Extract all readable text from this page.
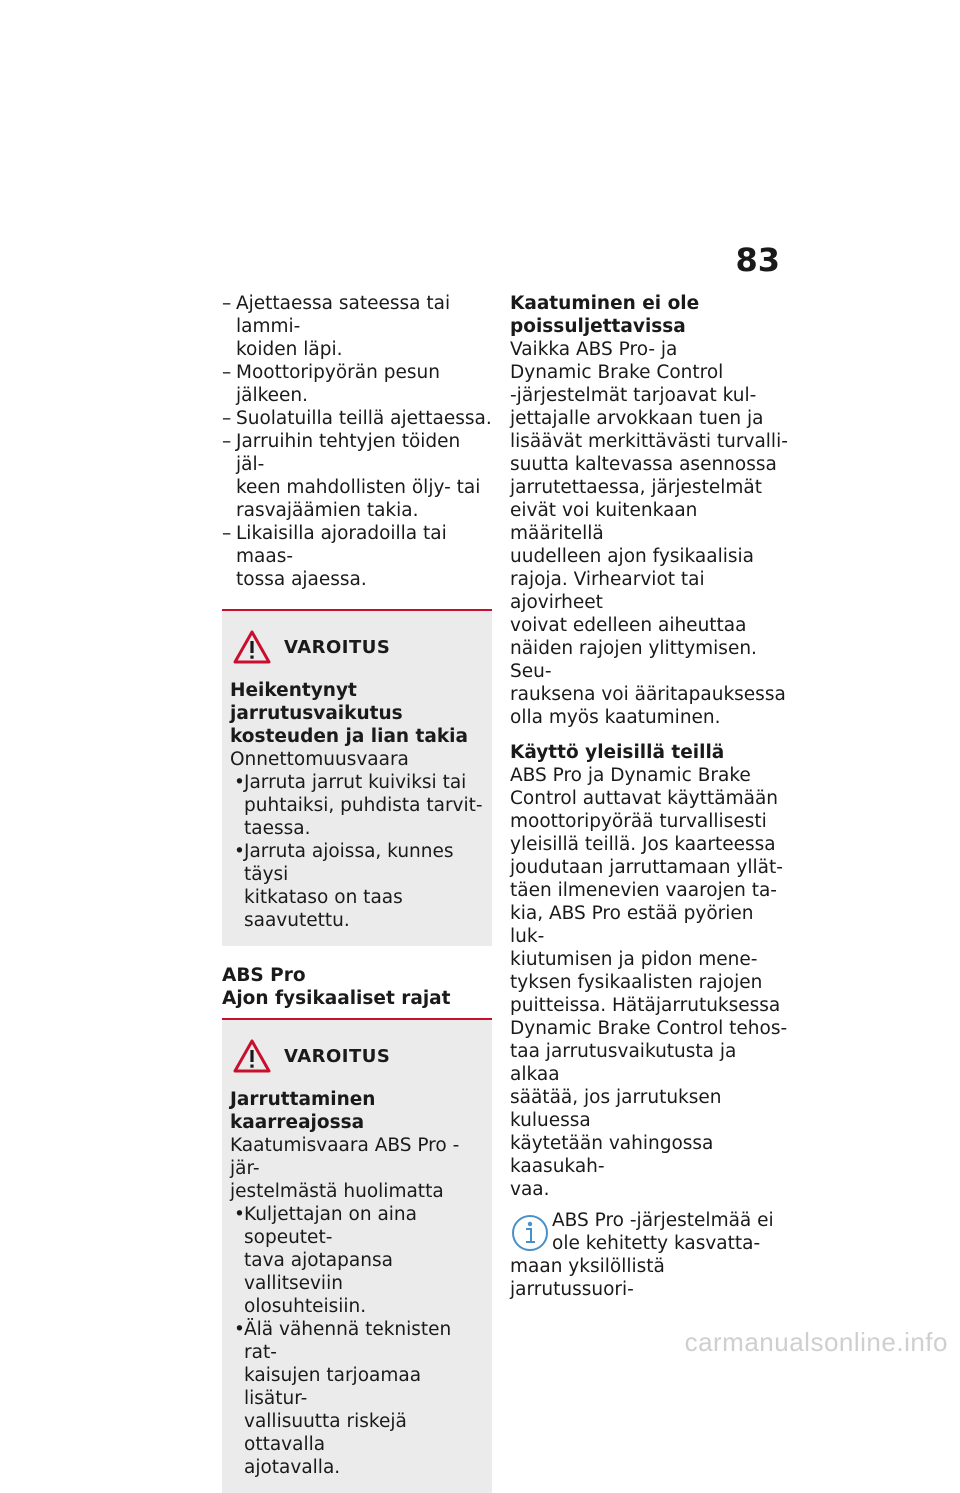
83
– Ajettaessa sateessa tai lammi-
koiden läpi.
– Moottoripyörän pesun jälkeen.
– Suolatuilla teillä ajettaessa.
– Jarruihin tehtyjen töiden jäl-
keen mahdollisten öljy- tai
rasvajäämien takia.
– Likaisilla ajoradoilla tai maas-
tossa ajaessa.
VAROITUS
Heikentynyt jarrutusvaikutus
kosteuden ja lian takia
Onnettomuusvaara
•Jarruta jarrut kuiviksi tai
puhtaiksi, puhdista tarvit-
taessa.
•Jarruta ajoissa, kunnes täysi
kitkataso on taas saavutettu.
ABS Pro
Ajon fysikaaliset rajat
VAROITUS
Jarruttaminen kaarreajossa
Kaatumisvaara ABS Pro -jär-
jestelmästä huolimatta
•Kuljettajan on aina sopeutet-
tava ajotapansa vallitseviin
olosuhteisiin.
•Älä vähennä teknisten rat-
kaisujen tarjoamaa lisätur-
vallisuutta riskejä ottavalla
ajotavalla.
Kaatuminen ei ole
poissuljettavissa
Vaikka ABS Pro- ja
Dynamic Brake Control
-järjestelmät tarjoavat kul-
jettajalle arvokkaan tuen ja
lisäävät merkittävästi turvalli-
suutta kaltevassa asennossa
jarrutettaessa, järjestelmät
eivät voi kuitenkaan määritellä
uudelleen ajon fysikaalisia
rajoja. Virhearviot tai ajovirheet
voivat edelleen aiheuttaa
näiden rajojen ylittymisen. Seu-
rauksena voi ääritapauksessa
olla myös kaatuminen.
Käyttö yleisillä teillä
ABS Pro ja Dynamic Brake
Control auttavat käyttämään
moottoripyörää turvallisesti
yleisillä teillä. Jos kaarteessa
joudutaan jarruttamaan yllät-
täen ilmenevien vaarojen ta-
kia, ABS Pro estää pyörien luk-
kiutumisen ja pidon mene-
tyksen fysikaalisten rajojen
puitteissa. Hätäjarrutuksessa
Dynamic Brake Control tehos-
taa jarrutusvaikutusta ja alkaa
säätää, jos jarrutuksen kuluessa
käytetään vahingossa kaasukah-
vaa.
ABS Pro -järjestelmää ei
ole kehitetty kasvatta-
maan yksilöllistä jarrutussuori-
carmanualsonline.info
